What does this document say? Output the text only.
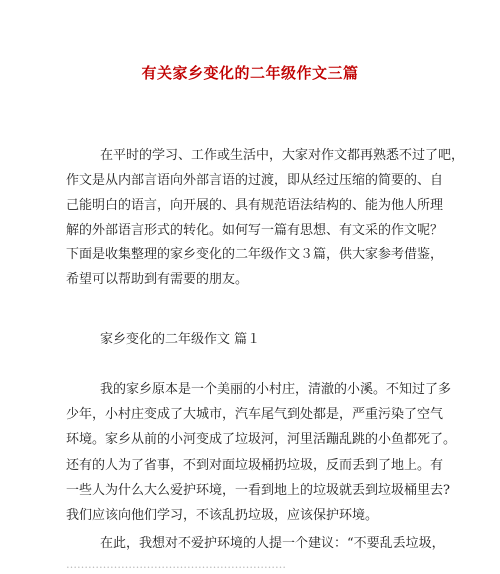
有关家乡变化的二年级作文三篇
在平时的学习、工作或生活中，大家对作文都再熟悉不过了吧，
作文是从内部言语向外部言语的过渡，即从经过压缩的简要的、自
己能明白的语言，向开展的、具有规范语法结构的、能为他人所理
解的外部语言形式的转化。如何写一篇有思想、有文采的作文呢？
下面是收集整理的家乡变化的二年级作文３篇，供大家参考借鉴，
希望可以帮助到有需要的朋友。
家乡变化的二年级作文 篇１
我的家乡原本是一个美丽的小村庄，清澈的小溪。不知过了多
少年，小村庄变成了大城市，汽车尾气到处都是，严重污染了空气
环境。家乡从前的小河变成了垃圾河，河里活蹦乱跳的小鱼都死了。
还有的人为了省事，不到对面垃圾桶扔垃圾，反而丢到了地上。有
一些人为什么大么爱护环境，一看到地上的垃圾就丢到垃圾桶里去?
我们应该向他们学习，不该乱扔垃圾，应该保护环境。
在此，我想对不爱护环境的人提一个建议：“不要乱丢垃圾，
……………………………………………………
